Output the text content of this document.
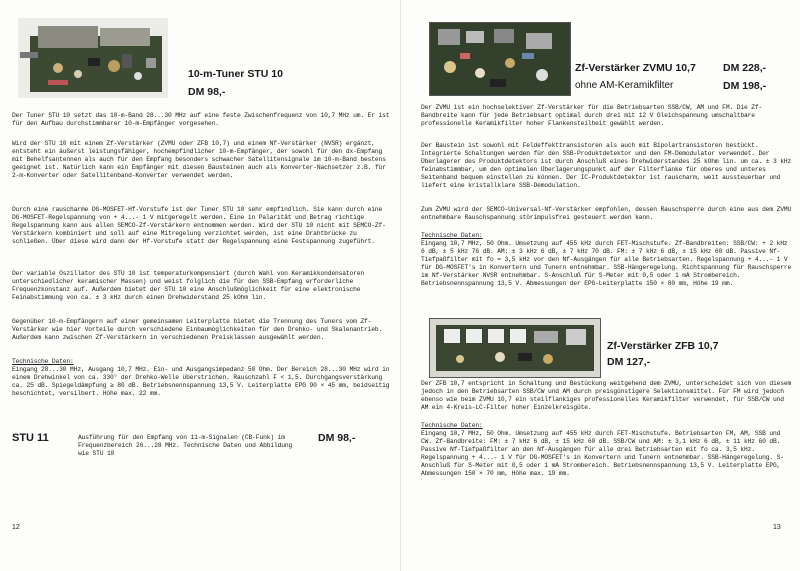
10-m-Tuner STU 10
DM 98,-

Der Tuner STU 10 setzt das 10-m-Band 28...30 MHz auf eine feste Zwischenfrequenz von 10,7 MHz um. Er ist für den Aufbau durchstimmbarer 10-m-Empfänger vorgesehen.

Wird der STU 10 mit einem Zf-Verstärker (ZVMU oder ZFB 10,7) und einem Nf-Verstärker (NVSR) ergänzt, entsteht ein äußerst leistungsfähiger, hochempfindlicher 10-m-Empfänger, der sowohl für den dx-Empfang mit Behelfsantennen als auch für den Empfang besonders schwacher Satellitensignale im 10-m-Band bestens geeignet ist. Natürlich kann ein Empfänger mit diesen Bausteinen auch als Konverter-Nachsetzer z.B. für 2-m-Konverter oder Satellitenband-Konverter verwendet werden.

Durch eine rauscharme DG-MOSFET-Hf-Vorstufe ist der Tuner STU 10 sehr empfindlich. Sie kann durch eine DG-MOSFET-Regelspannung von + 4...- 1 V mitgeregelt werden. Eine in Palarität und Betrag richtige Regelspannung kann aus allen SEMCO-Zf-Verstärkern entnommen werden. Wird der STU 10 nicht mit SEMCO-Zf-Verstärkern kombiniert und soll auf eine Mitregelung verzichtet werden, ist eine Drahtbrücke zu schließen. Über diese wird dann der Hf-Vorstufe statt der Regelspannung eine Festspannung zugeführt.

Der variable Oszillator des STU 10 ist temperaturkompensiert (durch Wahl von Keramikkondensatoren unterschiedlicher keramischer Massen) und weist folglich die für den SSB-Empfang erforderliche Frequenzkonstanz auf. Außerdem bietet der STU 10 eine Anschlußmöglichkeit für eine elektronische Feinabstimmung von ca. ± 3 kHz durch einen Drehwiderstand 25 kOhm lin.

Gegenüber 10-m-Empfängern auf einer gemeinsamen Leiterplatte bietet die Trennung des Tuners vom Zf-Verstärker wie hier Vorteile durch verschiedene Einbaumöglichkeiten für den Drehko- und Skalenantrieb. Außerdem kann zwischen Zf-Verstärkern in verschiedenen Preisklassen ausgewählt werden.

Technische Daten:

Eingang 28...30 MHz, Ausgang 10,7 MHz. Ein- und Ausgangsimpedanz 50 Ohm. Der Bereich 28...30 MHz wird in einem Drehwinkel von ca. 330° der Drehko-Welle überstrichen. Rauschzahl F < 1,5. Durchgangsverstärkung ca. 25 dB. Spiegeldämpfung ≥ 80 dB. Betriebsnennspannung 13,5 V. Leiterplatte EPG 90 × 45 mm, beidseitig beschichtet, versilbert. Höhe max. 22 mm.

STU 11	Ausführung für den Empfang von 11-m-Signalen (CB-Funk) im Frequenzbereich 26...28 MHz. Technische Daten und Abbildung wie STU 10

DM 98,-
12
Zf-Verstärker ZVMU 10,7	DM 228,-
ohne AM-Keramikfilter	DM 198,-

Der ZVMU ist ein hochselektiver Zf-Verstärker für die Betriebsarten SSB/CW, AM und FM. Die Zf-Bandbreite kann für jede Betriebsart optimal durch drei mit 12 V Gleichspannung umschaltbare professionelle Keramikfilter hoher Flankensteilheit gewählt werden.

Der Baustein ist sowohl mit Feldeffekttransistoren als auch mit Bipolartransistoren bestückt. Integrierte Schaltungen werden für den SSB-Produktdetektor und den FM-Demodulator verwendet. Der Überlagerer des Produktdetektors ist durch Anschluß eines Drehwiderstandes 25 kOhm lin. um ca. ± 3 kHz feinabstimmbar, um den optimalen Überlagerungspunkt auf der Filterflanke für oberes und unteres Seitenband bequem einstellen zu können. Der IC-Produktdetektor ist rauscharm, weit aussteuerbar und liefert eine kristallklare SSB-Demodulation.

Zum ZVMU wird der SEMCO-Universal-Nf-Verstärker empfohlen, dessen Rauschsperre durch eine aus dem ZVMU entnehmbare Rauschspannung störimpulsfrei gesteuert werden kann.

Technische Daten:

Eingang 10,7 MHz, 50 Ohm. Umsetzung auf 455 kHz durch FET-Mischstufe. Zf-Bandbreiten: SSB/CW: + 2 kHz 6 dB, ± 5 kHz 76 dB. AM: ± 3 kHz 6 dB, ± 7 kHz 70 dB. FM: ± 7 kHz 6 dB, ± 15 kHz 60 dB. Passive Nf-Tiefpaßfilter mit fo = 3,5 kHz vor den Nf-Ausgängen für alle Betriebsarten. Regelspannung + 4...- 1 V für DG-MOSFET's in Konvertern und Tunern entnehmbar. SSB-Hängeregelung. Richtspannung für Rauschsperre im Nf-Verstärker NVSR entnehmbar. S-Anschluß für S-Meter mit 0,5 oder 1 mA Strombereich. Betriebsnennspannung 13,5 V. Abmessungen der EPG-Leiterplatte 150 × 80 mm, Höhe 19 mm.

Zf-Verstärker ZFB 10,7
DM 127,-

Der ZFB 10,7 entspricht in Schaltung und Bestückung weitgehend dem ZVMU, unterscheidet sich von diesem jedoch in den Betriebsarten SSB/CW und AM durch preisgünstigere Selektionsmittel. Für FM wird jedoch ebenso wie beim ZVMU 10,7 ein steilflankiges professionelles Keramikfilter verwendet, für SSB/CW und AM ein 4-Kreis-LC-Filter hoher Einzelkreisgüte.

Technische Daten:

Eingang 10,7 MHz, 50 Ohm. Umsetzung auf 455 kHz durch FET-Mischstufe. Betriebsarten FM, AM, SSB und CW. Zf-Bandbreite: FM: ± 7 kHz 6 dB, ± 15 kHz 60 dB. SSB/CW und AM: ± 3,1 kHz 6 dB, ± 11 kHz 60 dB. Passive Nf-Tiefpaßfilter an den Nf-Ausgängen für alle drei Betriebsarten mit fo ca. 3,5 kHz. Regelspannung + 4...- 1 V für DG-MOSFET's in Konvertern und Tunern entnehmbar. SSB-Hängeregelung. S-Anschluß für S-Meter mit 0,5 oder 1 mA Strombereich. Betriebsnennspannung 13,5 V. Leiterplatte EPG, Abmessungen 150 × 70 mm, Höhe max. 19 mm.

13
